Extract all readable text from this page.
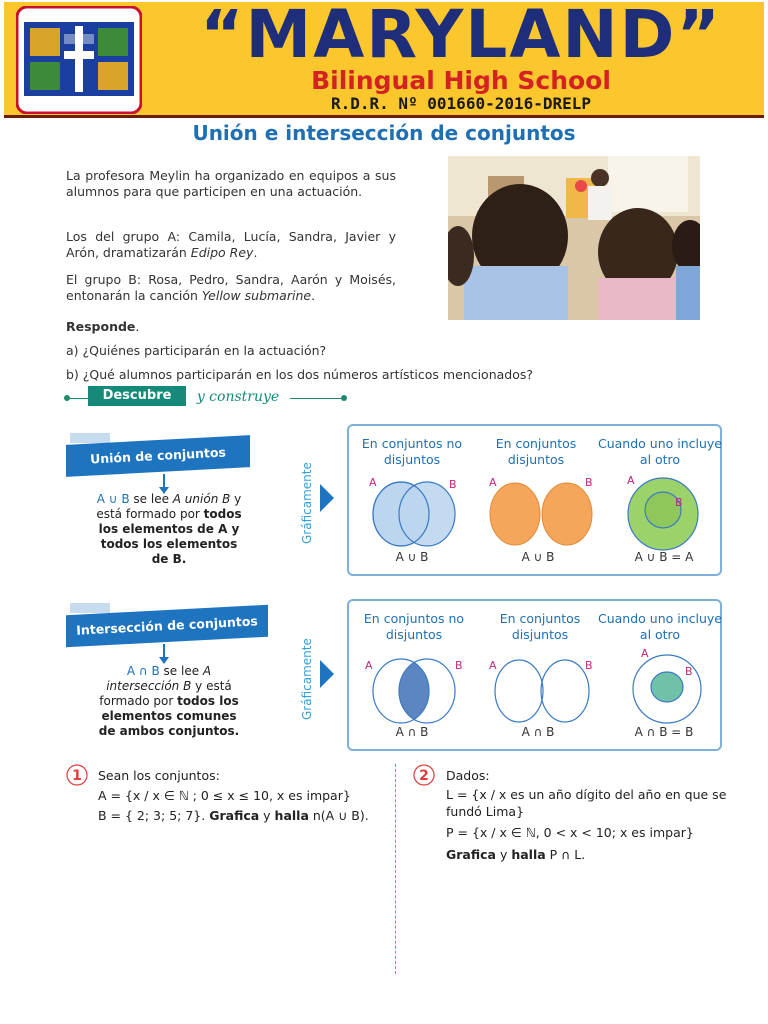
“MARYLAND”
Bilingual High School
R.D.R. Nº 001660-2016-DRELP
Unión e intersección de conjuntos

La profesora Meylin ha organizado en equipos a sus alumnos para que participen en una actuación.

Los del grupo A: Camila, Lucía, Sandra, Javier y Arón, dramatizarán Edipo Rey.

El grupo B: Rosa, Pedro, Sandra, Aarón y Moisés, entonarán la canción Yellow submarine.

Responde.
a) ¿Quiénes participarán en la actuación?
b) ¿Qué alumnos participarán en los dos números artísticos mencionados?
Descubre	y construye
Unión de conjuntos
A ∪ B se lee A unión B y está formado por todos los elementos de A y todos los elementos de B.
Gráficamente
En conjuntos no disjuntos
En conjuntos disjuntos
Cuando uno incluye al otro
A	B	A	B	A
B
A ∪ B	A ∪ B	A ∪ B = A
Intersección de conjuntos
A ∩ B se lee A intersección B y está formado por todos los elementos comunes de ambos conjuntos.
Gráficamente
En conjuntos no disjuntos
En conjuntos disjuntos
Cuando uno incluye al otro
A	B A	B
A
B
A ∩ B	A ∩ B	A ∩ B = B
1 Sean los conjuntos:
A = {x / x ∈ ℕ ; 0 ≤ x ≤ 10, x es impar}
B = { 2; 3; 5; 7}. Grafica y halla n(A ∪ B).
2 Dados:
L = {x / x es un año dígito del año en que se fundó Lima}
P = {x / x ∈ ℕ, 0 < x < 10; x es impar}
Grafica y halla P ∩ L.
